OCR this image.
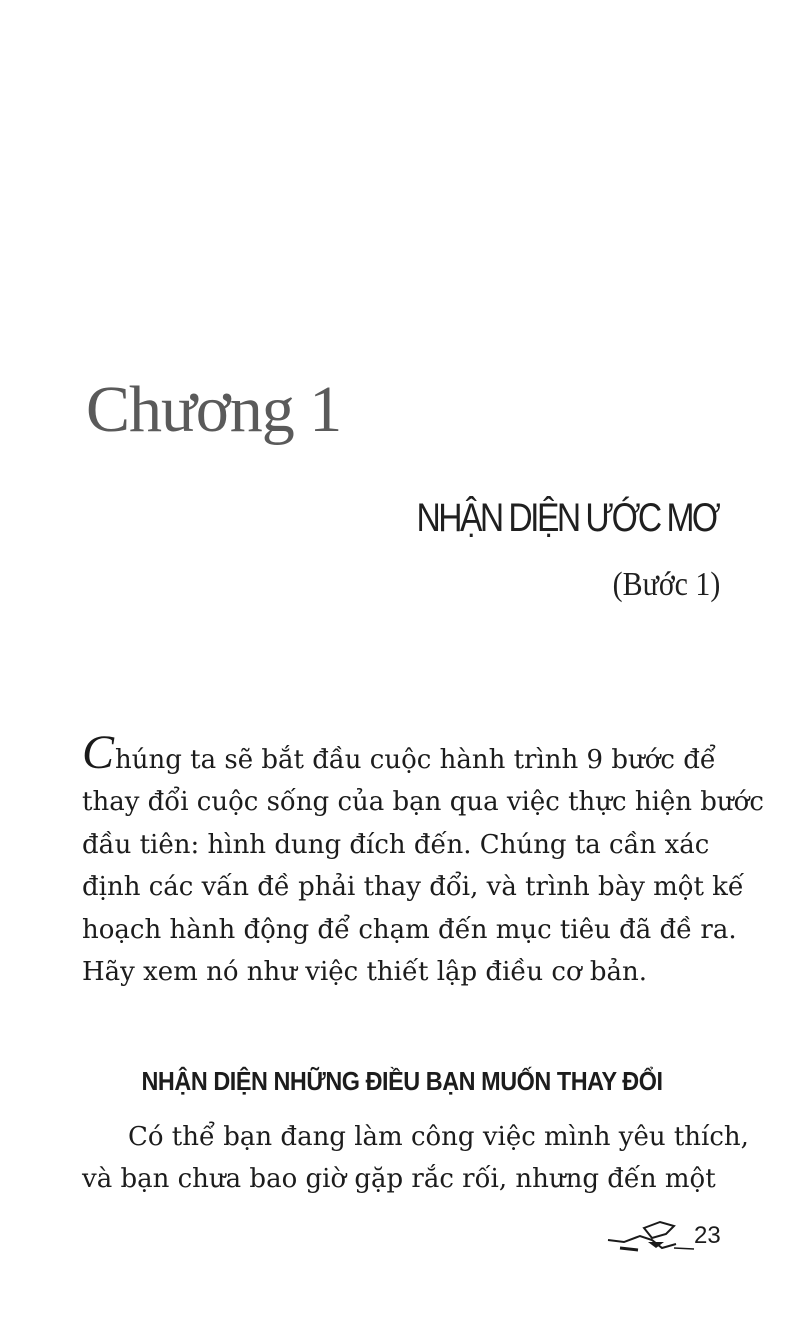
Chương 1
NHẬN DIỆN ƯỚC MƠ
(Bước 1)
Chúng ta sẽ bắt đầu cuộc hành trình 9 bước để
thay đổi cuộc sống của bạn qua việc thực hiện bước
đầu tiên: hình dung đích đến. Chúng ta cần xác
định các vấn đề phải thay đổi, và trình bày một kế
hoạch hành động để chạm đến mục tiêu đã đề ra.
Hãy xem nó như việc thiết lập điều cơ bản.
NHẬN DIỆN NHỮNG ĐIỀU BẠN MUỐN THAY ĐỔI
Có thể bạn đang làm công việc mình yêu thích,
và bạn chưa bao giờ gặp rắc rối, nhưng đến một
23
